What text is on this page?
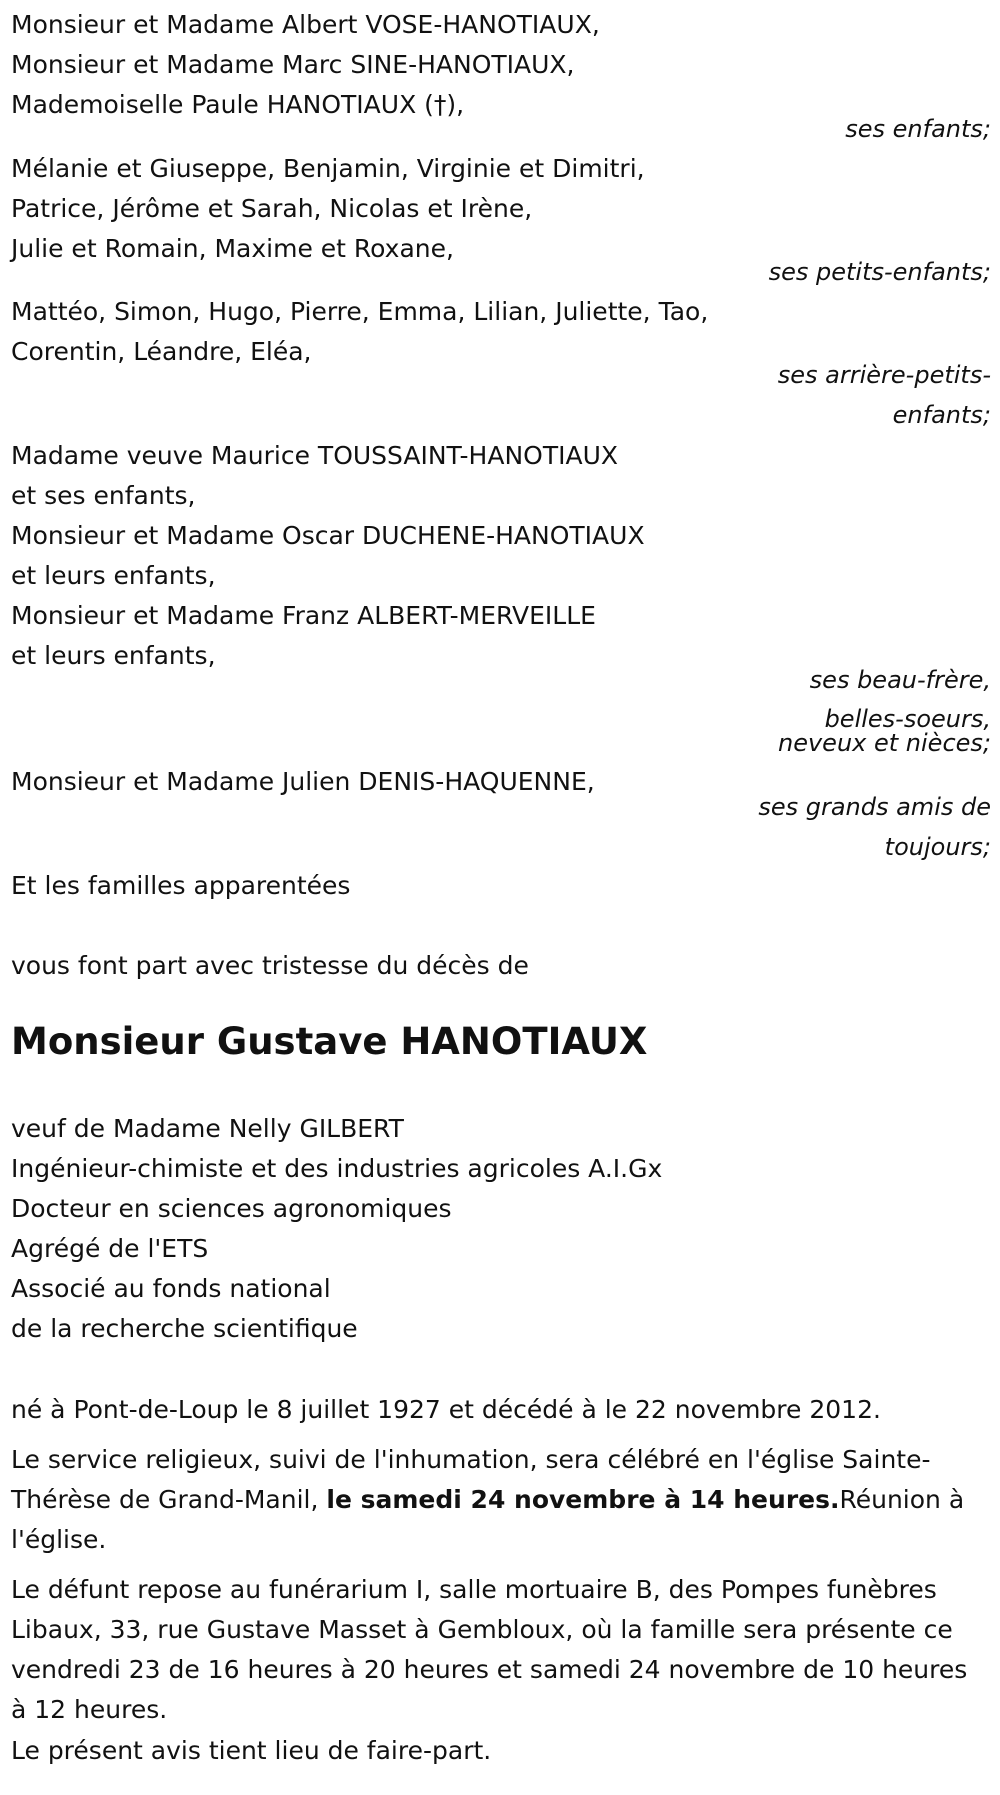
Monsieur et Madame Albert VOSE-HANOTIAUX,
Monsieur et Madame Marc SINE-HANOTIAUX,
Mademoiselle Paule HANOTIAUX (†),
ses enfants;
Mélanie et Giuseppe, Benjamin, Virginie et Dimitri,
Patrice, Jérôme et Sarah, Nicolas et Irène,
Julie et Romain, Maxime et Roxane,
ses petits-enfants;
Mattéo, Simon, Hugo, Pierre, Emma, Lilian, Juliette, Tao,
Corentin, Léandre, Eléa,
ses arrière-petits-
enfants;
Madame veuve Maurice TOUSSAINT-HANOTIAUX
et ses enfants,
Monsieur et Madame Oscar DUCHENE-HANOTIAUX
et leurs enfants,
Monsieur et Madame Franz ALBERT-MERVEILLE
et leurs enfants,
ses beau-frère,
belles-soeurs,
neveux et nièces;
Monsieur et Madame Julien DENIS-HAQUENNE,
ses grands amis de
toujours;
Et les familles apparentées
vous font part avec tristesse du décès de
Monsieur Gustave HANOTIAUX
veuf de Madame Nelly GILBERT
Ingénieur-chimiste et des industries agricoles A.I.Gx
Docteur en sciences agronomiques
Agrégé de l'ETS
Associé au fonds national
de la recherche scientifique
né à Pont-de-Loup le 8 juillet 1927 et décédé à le 22 novembre 2012.
Le service religieux, suivi de l'inhumation, sera célébré en l'église Sainte-Thérèse de Grand-Manil, le samedi 24 novembre à 14 heures.Réunion à l'église.
Le défunt repose au funérarium I, salle mortuaire B, des Pompes funèbres Libaux, 33, rue Gustave Masset à Gembloux, où la famille sera présente ce vendredi 23 de 16 heures à 20 heures et samedi 24 novembre de 10 heures à 12 heures.
Le présent avis tient lieu de faire-part.
